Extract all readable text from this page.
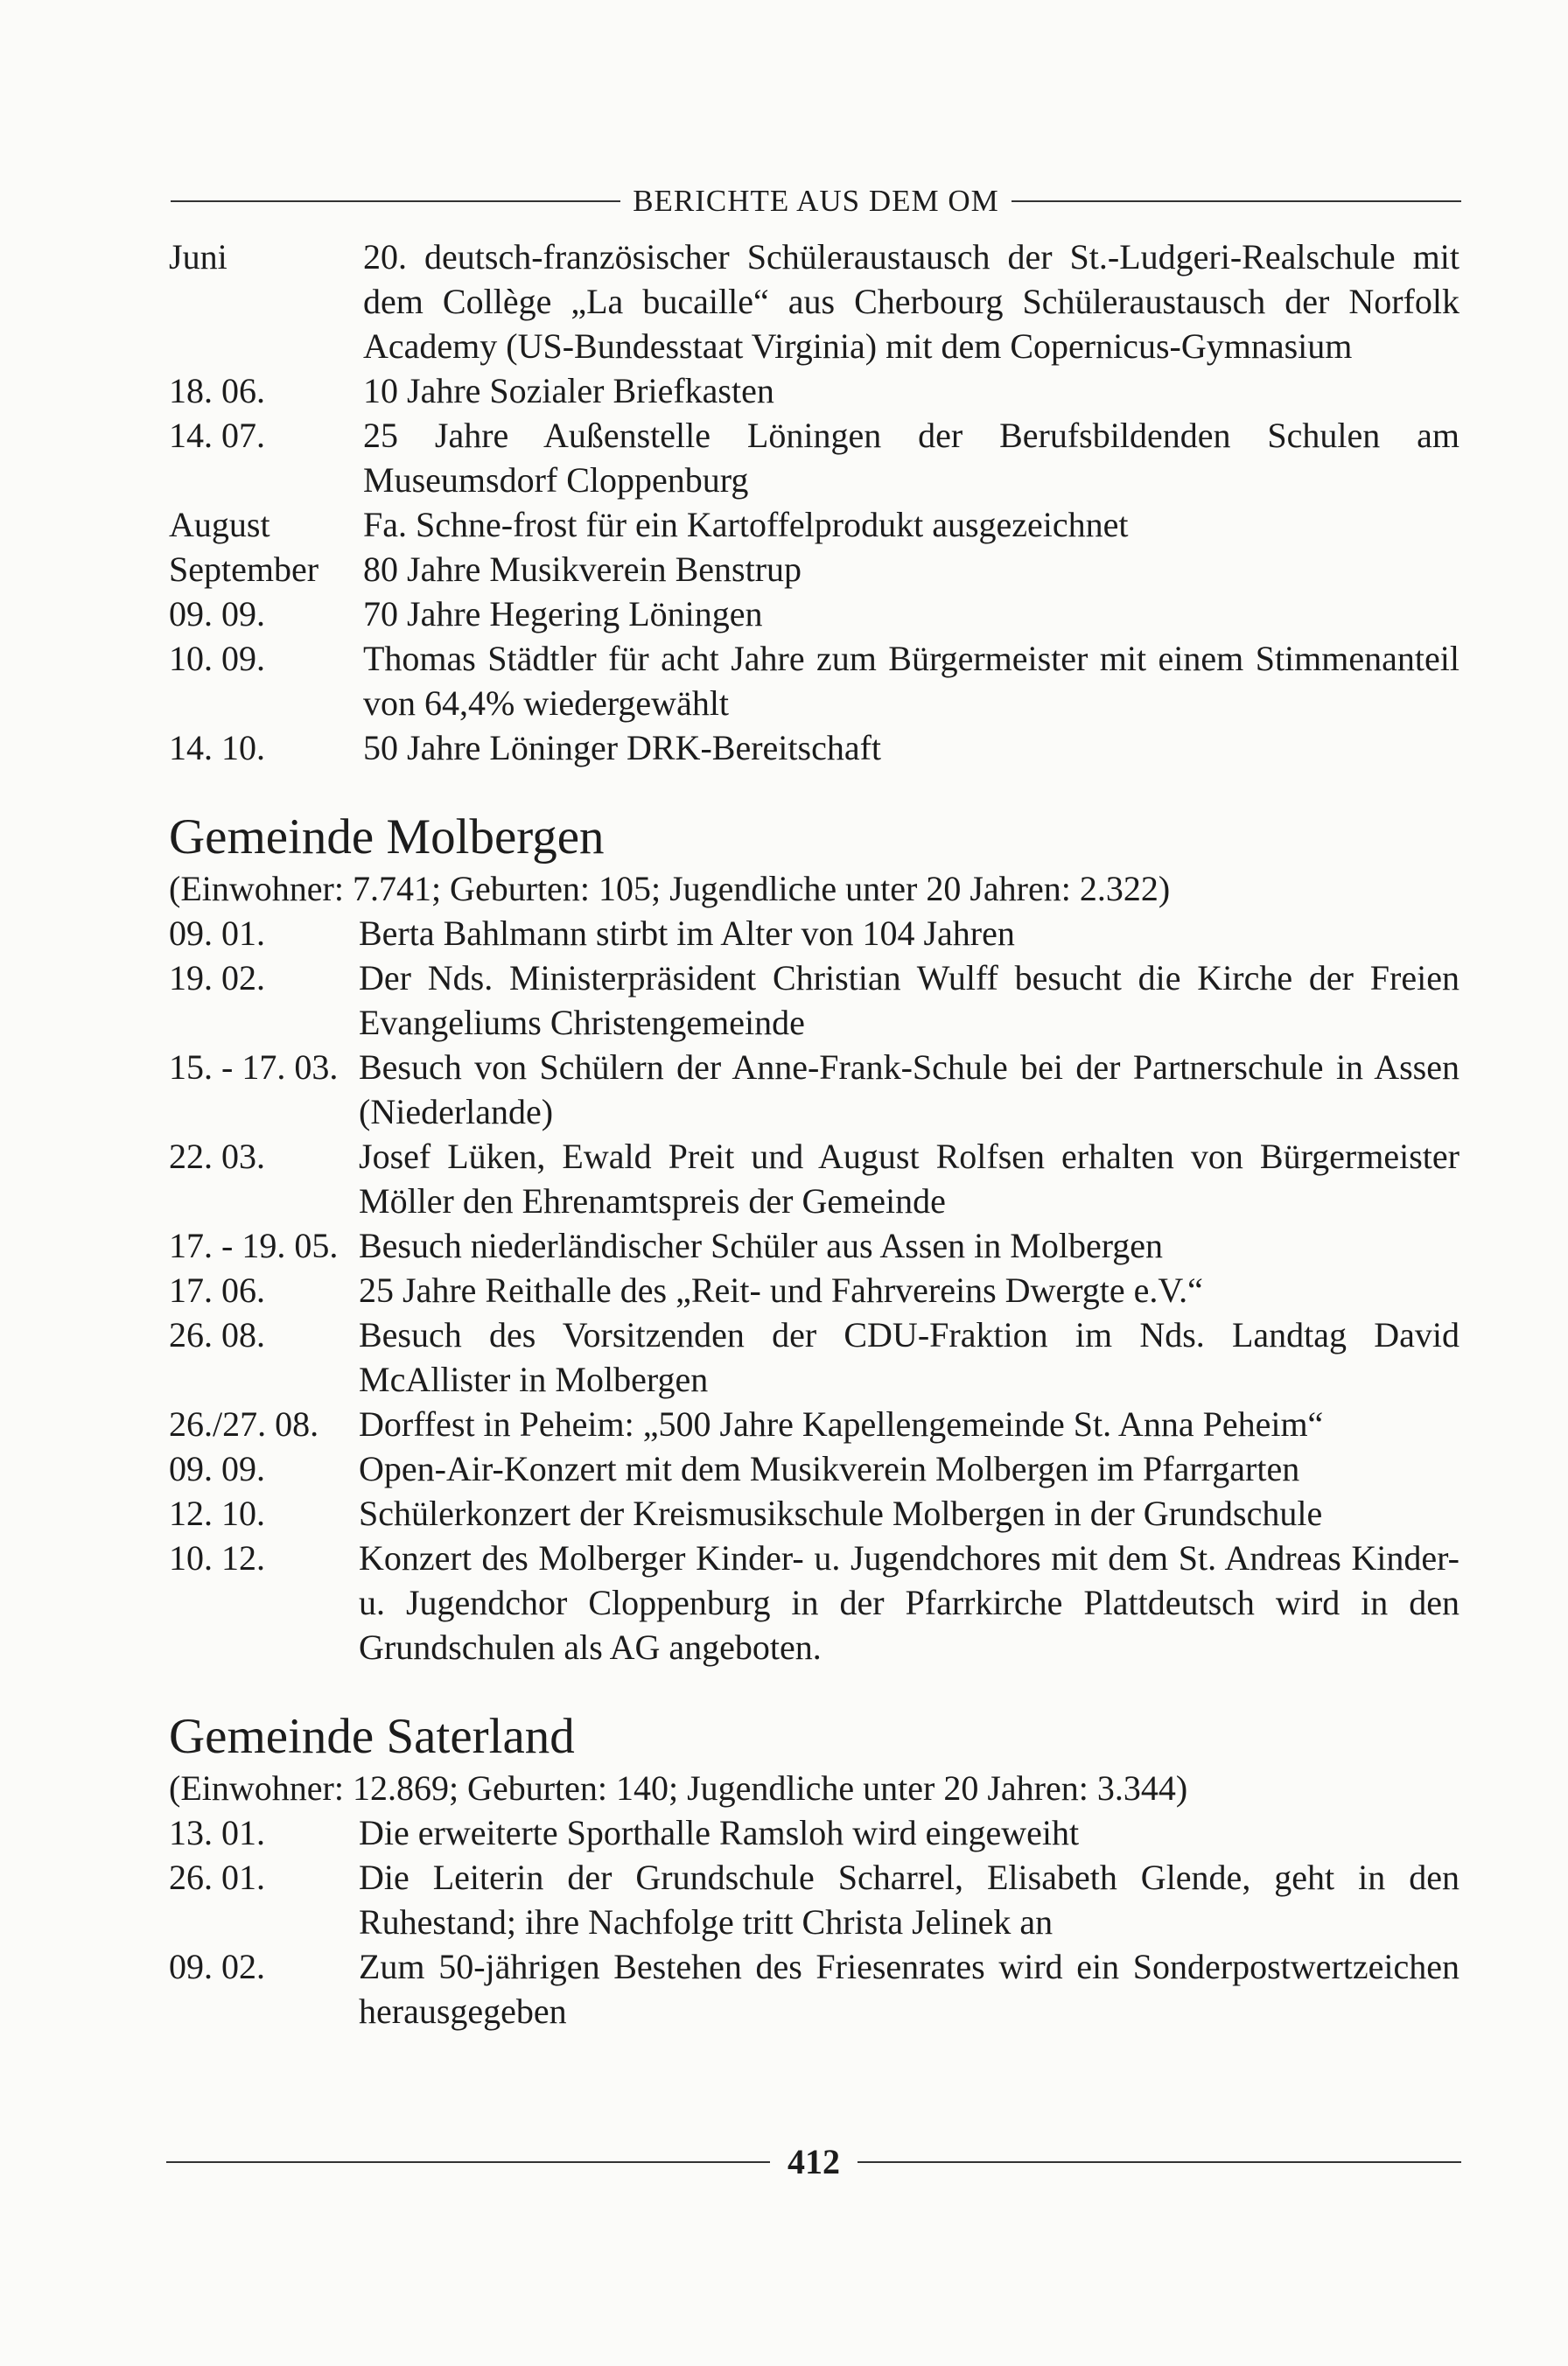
BERICHTE AUS DEM OM
Juni	20. deutsch-französischer Schüleraustausch der St.-Ludgeri-Realschule mit dem Collège „La bucaille“ aus Cherbourg Schüleraustausch der Norfolk Academy (US-Bundesstaat Virginia) mit dem Copernicus-Gymnasium
18. 06.	10 Jahre Sozialer Briefkasten
14. 07.	25 Jahre Außenstelle Löningen der Berufsbildenden Schulen am Museumsdorf Cloppenburg
August	Fa. Schne-frost für ein Kartoffelprodukt ausgezeichnet
September	80 Jahre Musikverein Benstrup
09. 09.	70 Jahre Hegering Löningen
10. 09.	Thomas Städtler für acht Jahre zum Bürgermeister mit einem Stimmenanteil von 64,4% wiedergewählt
14. 10.	50 Jahre Löninger DRK-Bereitschaft
Gemeinde Molbergen

(Einwohner: 7.741; Geburten: 105; Jugendliche unter 20 Jahren: 2.322)

09. 01.	Berta Bahlmann stirbt im Alter von 104 Jahren
19. 02.	Der Nds. Ministerpräsident Christian Wulff besucht die Kirche der Freien Evangeliums Christengemeinde
15. - 17. 03. Besuch von Schülern der Anne-Frank-Schule bei der Partnerschule in Assen (Niederlande)
22. 03.	Josef Lüken, Ewald Preit und August Rolfsen erhalten von Bürgermeister Möller den Ehrenamtspreis der Gemeinde
17. - 19. 05. Besuch niederländischer Schüler aus Assen in Molbergen
17. 06.	25 Jahre Reithalle des „Reit- und Fahrvereins Dwergte e.V.“
26. 08.	Besuch des Vorsitzenden der CDU-Fraktion im Nds. Landtag David McAllister in Molbergen
26./27. 08.	Dorffest in Peheim: „500 Jahre Kapellengemeinde St. Anna Peheim“
09. 09.	Open-Air-Konzert mit dem Musikverein Molbergen im Pfarrgarten
12. 10.	Schülerkonzert der Kreismusikschule Molbergen in der Grundschule
10. 12.	Konzert des Molberger Kinder- u. Jugendchores mit dem St. Andreas Kinder- u. Jugendchor Cloppenburg in der Pfarrkirche Plattdeutsch wird in den Grundschulen als AG angeboten.
Gemeinde Saterland

(Einwohner: 12.869; Geburten: 140; Jugendliche unter 20 Jahren: 3.344)

13. 01.	Die erweiterte Sporthalle Ramsloh wird eingeweiht
26. 01.	Die Leiterin der Grundschule Scharrel, Elisabeth Glende, geht in den Ruhestand; ihre Nachfolge tritt Christa Jelinek an
09. 02.	Zum 50-jährigen Bestehen des Friesenrates wird ein Sonderpostwertzeichen herausgegeben
412
